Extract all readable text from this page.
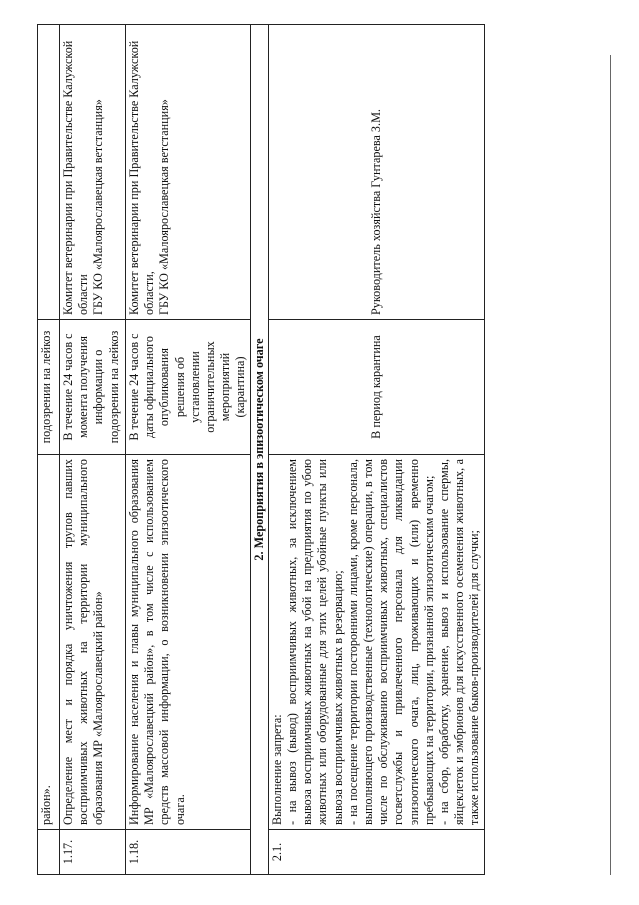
	район».	подозрении на лейкоз	
1.17.	Определение мест и порядка уничтожения трупов павших восприимчивых животных на территории муниципального образования МР «Малоярославецкий район»	В течение 24 часов с момента получения информации о подозрении на лейкоз	Комитет ветеринарии при Правительстве Калужской области ГБУ КО «Малоярославецкая ветстанция»

1.18.	Информирование населения и главы муниципального образования МР «Малоярославецкий район», в том числе с использованием средств массовой информации, о возникновении эпизоотического очага.	В течение 24 часов с даты официального опубликования решения об установлении ограничительных мероприятий (карантина)	Комитет ветеринарии при Правительстве Калужской области, ГБУ КО «Малоярославецкая ветстанция»

2. Мероприятия в эпизоотическом очаге			
2.1.	Выполнение запрета: - на вывоз (вывод) восприимчивых животных, за исключением вывоза восприимчивых животных на убой на предприятия по убою животных или оборудованные для этих целей убойные пункты или вывоза восприимчивых животных в резервацию; - на посещение территории посторонними лицами, кроме персонала, выполняющего производственные (технологические) операции, в том числе по обслуживанию восприимчивых животных, специалистов госветслужбы и привлеченного персонала для ликвидации эпизоотического очага, лиц, проживающих и (или) временно пребывающих на территории, признанной эпизоотическим очагом; - на сбор, обработку, хранение, вывоз и использование спермы, яйцеклеток и эмбрионов для искусственного осеменения животных, а также использование быков-производителей для случки;	В период карантина	Руководитель хозяйства Гунтарева З.М.
